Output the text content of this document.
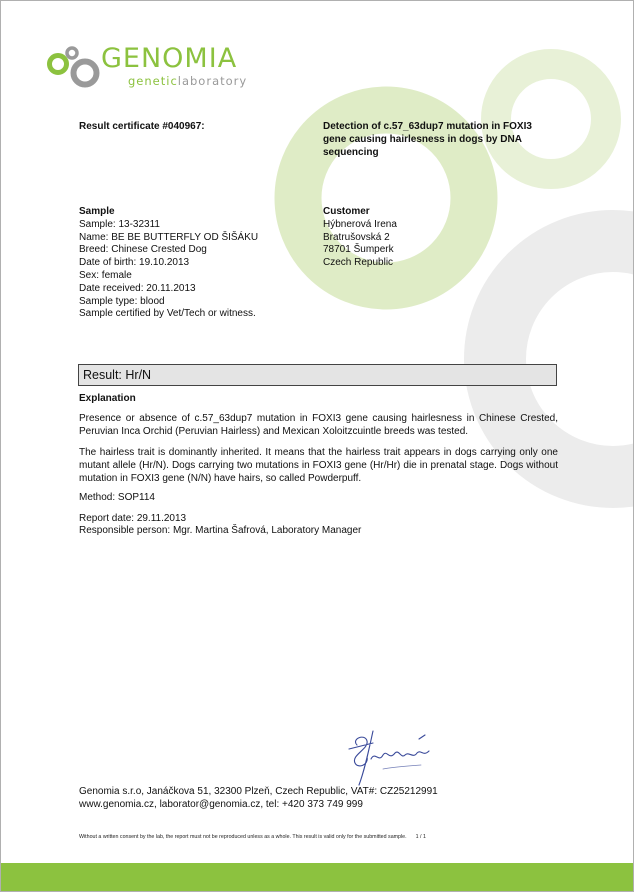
GENOMIA
geneticlaboratory
Result certificate #040967:	Detection of c.57_63dup7 mutation in FOXI3
gene causing hairlesness in dogs by DNA
sequencing
Sample
Sample: 13-32311
Name: BE BE BUTTERFLY OD ŠIŠÁKU
Breed: Chinese Crested Dog
Date of birth: 19.10.2013
Sex: female
Date received: 20.11.2013
Sample type: blood
Sample certified by Vet/Tech or witness.
Customer
Hýbnerová Irena
Bratrušovská 2
78701 Šumperk
Czech Republic
Result: Hr/N
Explanation
Presence or absence of c.57_63dup7 mutation in FOXI3 gene causing hairlesness in Chinese Crested, Peruvian Inca Orchid (Peruvian Hairless) and Mexican Xoloitzcuintle breeds was tested.
The hairless trait is dominantly inherited. It means that the hairless trait appears in dogs carrying only one mutant allele (Hr/N). Dogs carrying two mutations in FOXI3 gene (Hr/Hr) die in prenatal stage. Dogs without mutation in FOXI3 gene (N/N) have hairs, so called Powderpuff.
Method: SOP114
Report date: 29.11.2013
Responsible person: Mgr. Martina Šafrová, Laboratory Manager
Genomia s.r.o, Janáčkova 51, 32300 Plzeň, Czech Republic, VAT#: CZ25212991
www.genomia.cz, laborator@genomia.cz, tel: +420 373 749 999
Without a written consent by the lab, the report must not be reproduced unless as a whole. This result is valid only for the submitted sample. 1 / 1
